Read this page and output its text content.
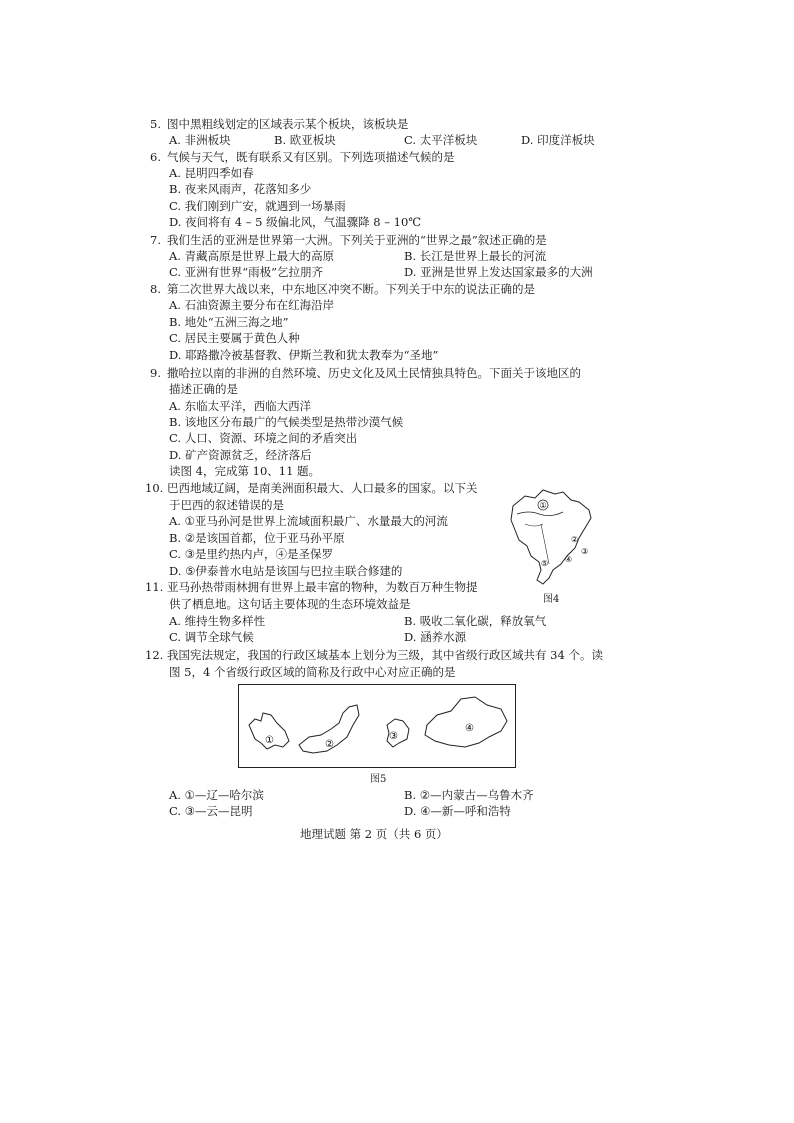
5. 图中黑粗线划定的区域表示某个板块，该板块是
A. 非洲板块	B. 欧亚板块	C. 太平洋板块	D. 印度洋板块
6. 气候与天气，既有联系又有区别。下列选项描述气候的是
A. 昆明四季如春
B. 夜来风雨声，花落知多少
C. 我们刚到广安，就遇到一场暴雨
D. 夜间将有 4 – 5 级偏北风，气温骤降 8 – 10℃
7. 我们生活的亚洲是世界第一大洲。下列关于亚洲的“世界之最”叙述正确的是
A. 青藏高原是世界上最大的高原	B. 长江是世界上最长的河流
C. 亚洲有世界“雨极”乞拉朋齐	D. 亚洲是世界上发达国家最多的大洲
8. 第二次世界大战以来，中东地区冲突不断。下列关于中东的说法正确的是
A. 石油资源主要分布在红海沿岸
B. 地处“五洲三海之地”
C. 居民主要属于黄色人种
D. 耶路撒冷被基督教、伊斯兰教和犹太教奉为“圣地”
9. 撒哈拉以南的非洲的自然环境、历史文化及风土民情独具特色。下面关于该地区的
描述正确的是
A. 东临太平洋，西临大西洋
B. 该地区分布最广的气候类型是热带沙漠气候
C. 人口、资源、环境之间的矛盾突出
D. 矿产资源贫乏，经济落后
读图 4，完成第 10、11 题。
10. 巴西地域辽阔，是南美洲面积最大、人口最多的国家。以下关
于巴西的叙述错误的是
A. ①亚马孙河是世界上流域面积最广、水量最大的河流
B. ②是该国首都，位于亚马孙平原
C. ③是里约热内卢，④是圣保罗
D. ⑤伊泰普水电站是该国与巴拉圭联合修建的
①
②
③
④
⑤
图4
11. 亚马孙热带雨林拥有世界上最丰富的物种，为数百万种生物提
供了栖息地。这句话主要体现的生态环境效益是
A. 维持生物多样性	B. 吸收二氧化碳，释放氧气
C. 调节全球气候	D. 涵养水源
12. 我国宪法规定，我国的行政区域基本上划分为三级，其中省级行政区域共有 34 个。读
图 5，4 个省级行政区域的简称及行政中心对应正确的是
①	②
③
④
图5
A. ①—辽—哈尔滨	B. ②—内蒙古—乌鲁木齐
C. ③—云—昆明	D. ④—新—呼和浩特
地理试题 第 2 页（共 6 页）
